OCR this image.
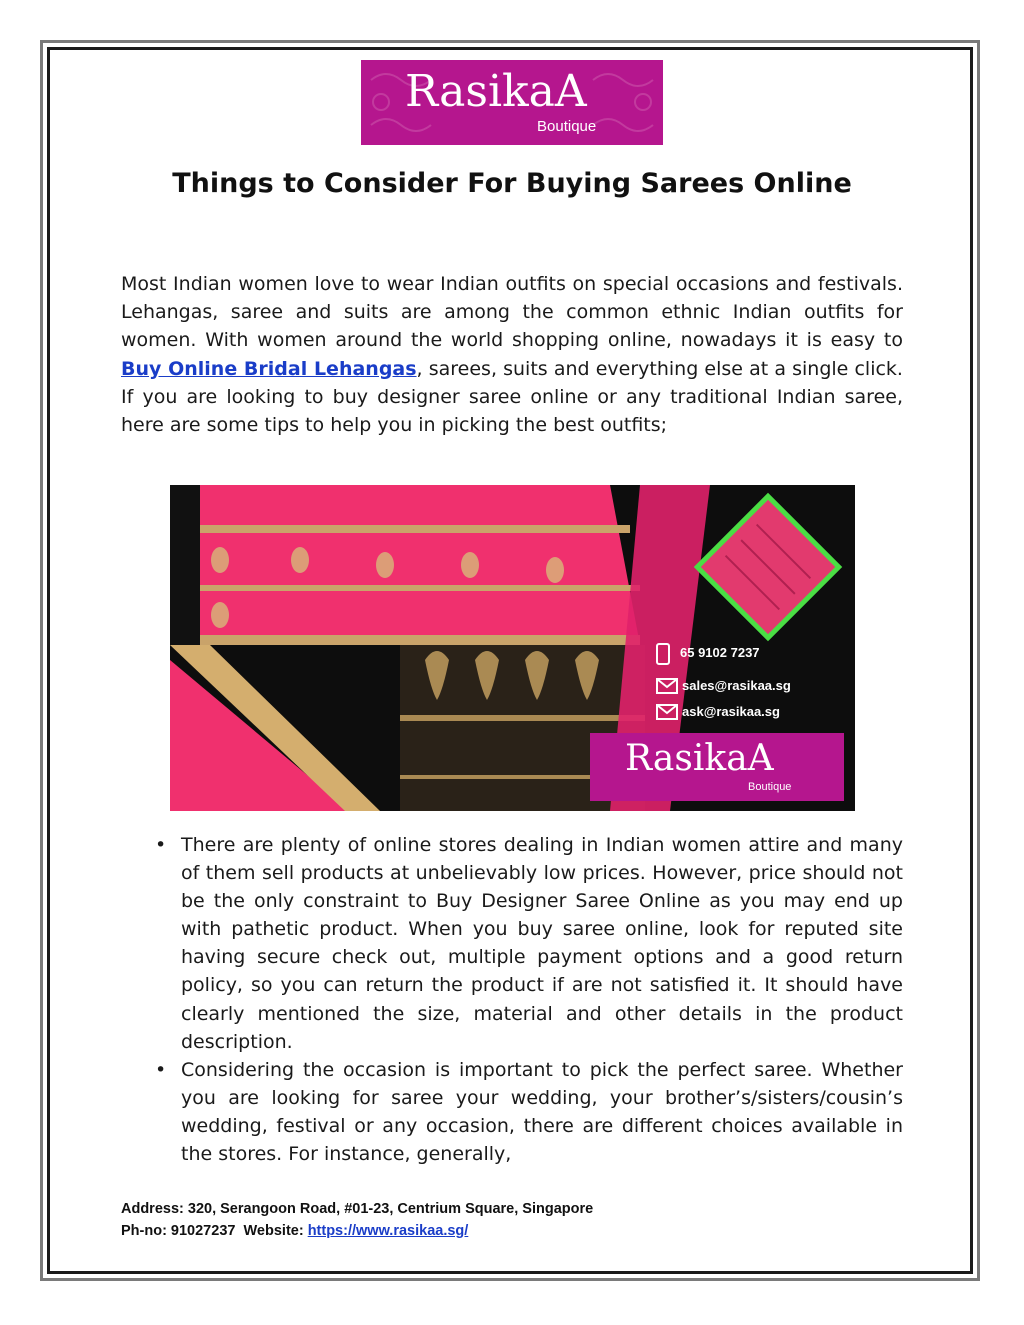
RasikaA
Boutique
Things to Consider For Buying Sarees Online

Most Indian women love to wear Indian outfits on special occasions and festivals. Lehangas, saree and suits are among the common ethnic Indian outfits for women. With women around the world shopping online, nowadays it is easy to Buy Online Bridal Lehangas, sarees, suits and everything else at a single click. If you are looking to buy designer saree online or any traditional Indian saree, here are some tips to help you in picking the best outfits;

65 9102 7237
sales@rasikaa.sg
ask@rasikaa.sg
RasikaA
Boutique
• There are plenty of online stores dealing in Indian women attire and many of them sell products at unbelievably low prices. However, price should not be the only constraint to Buy Designer Saree Online as you may end up with pathetic product. When you buy saree online, look for reputed site having secure check out, multiple payment options and a good return policy, so you can return the product if are not satisfied it. It should have clearly mentioned the size, material and other details in the product description.
• Considering the occasion is important to pick the perfect saree. Whether you are looking for saree your wedding, your brother’s/sisters/cousin’s wedding, festival or any occasion, there are different choices available in the stores. For instance, generally,
Address: 320, Serangoon Road, #01-23, Centrium Square, Singapore
Ph-no: 91027237  Website: https://www.rasikaa.sg/
